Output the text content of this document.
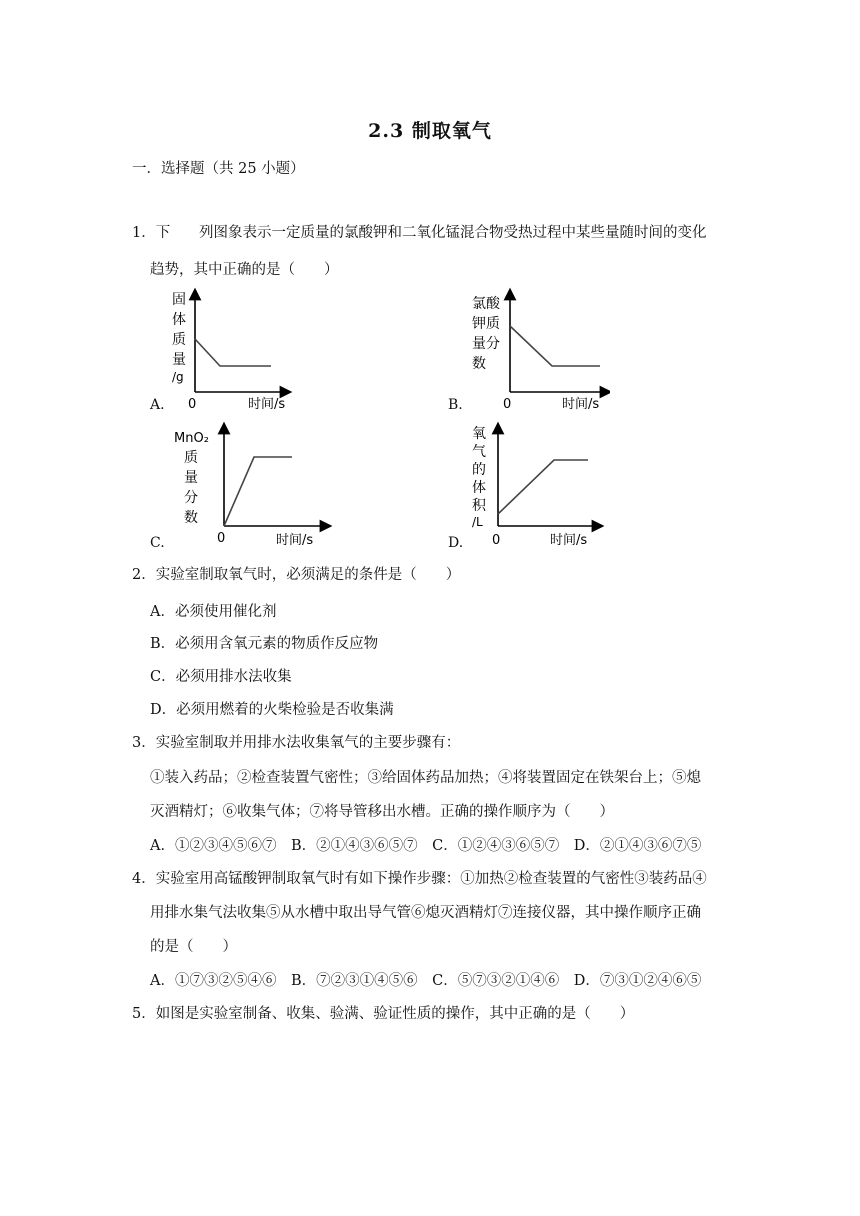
2.3 制取氧气
一．选择题（共 25 小题）
1．下 列图象表示一定质量的氯酸钾和二氧化锰混合物受热过程中某些量随时间的变化
趋势，其中正确的是（　　）
A.
固
体
质
量
/g
0	时间/s	B.
氯酸
钾质
量分
数
0	时间/s
C.
MnO₂
质
量
分
数
0	时间/s	D.
氧
气
的
体
积
/L
0	时间/s
2．实验室制取氧气时，必须满足的条件是（　　）
A．必须使用催化剂
B．必须用含氧元素的物质作反应物
C．必须用排水法收集
D．必须用燃着的火柴检验是否收集满
3．实验室制取并用排水法收集氧气的主要步骤有：
①装入药品；②检查装置气密性；③给固体药品加热；④将装置固定在铁架台上；⑤熄
灭酒精灯；⑥收集气体；⑦将导管移出水槽。正确的操作顺序为（　　）
A．①②③④⑤⑥⑦　B．②①④③⑥⑤⑦　C．①②④③⑥⑤⑦　D．②①④③⑥⑦⑤
4．实验室用高锰酸钾制取氧气时有如下操作步骤：①加热②检查装置的气密性③装药品④
用排水集气法收集⑤从水槽中取出导气管⑥熄灭酒精灯⑦连接仪器，其中操作顺序正确
的是（　　）
A．①⑦③②⑤④⑥　B．⑦②③①④⑤⑥　C．⑤⑦③②①④⑥　D．⑦③①②④⑥⑤
5．如图是实验室制备、收集、验满、验证性质的操作，其中正确的是（　　）
